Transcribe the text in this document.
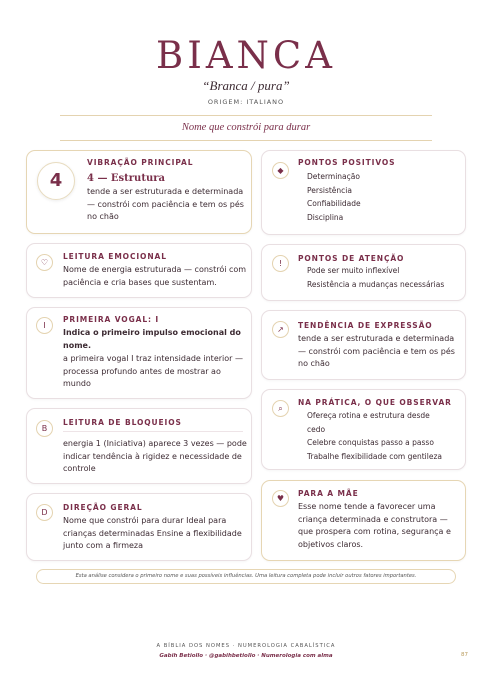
BIANCA
“Branca / pura”
ORIGEM: ITALIANO
Nome que constrói para durar
4
VIBRAÇÃO PRINCIPAL
4 — Estrutura
tende a ser estruturada e determinada — constrói com paciência e tem os pés no chão
♡
LEITURA EMOCIONAL
Nome de energia estruturada — constrói com paciência e cria bases que sustentam.
I
PRIMEIRA VOGAL: I
Indica o primeiro impulso emocional do nome.
a primeira vogal I traz intensidade interior — processa profundo antes de mostrar ao mundo
B
LEITURA DE BLOQUEIOS
energia 1 (Iniciativa) aparece 3 vezes — pode indicar tendência à rigidez e necessidade de controle
D
DIREÇÃO GERAL
Nome que constrói para durar Ideal para crianças determinadas Ensine a flexibilidade junto com a firmeza
◆
PONTOS POSITIVOS
Determinação
Persistência
Confiabilidade
Disciplina
!
PONTOS DE ATENÇÃO
Pode ser muito inflexível
Resistência a mudanças necessárias
↗	TENDÊNCIA DE EXPRESSÃO
tende a ser estruturada e determinada — constrói com paciência e tem os pés no chão
⌕
NA PRÁTICA, O QUE OBSERVAR
Ofereça rotina e estrutura desde
cedo
Celebre conquistas passo a passo
Trabalhe flexibilidade com gentileza
♥
PARA A MÃE
Esse nome tende a favorecer uma criança determinada e construtora — que prospera com rotina, segurança e objetivos claros.
Esta análise considera o primeiro nome e suas possíveis influências. Uma leitura completa pode incluir outros fatores importantes.
A BÍBLIA DOS NOMES · NUMEROLOGIA CABALÍSTICA
Gabih Betiollo · @gabihbetiollo · Numerologia com alma	87
